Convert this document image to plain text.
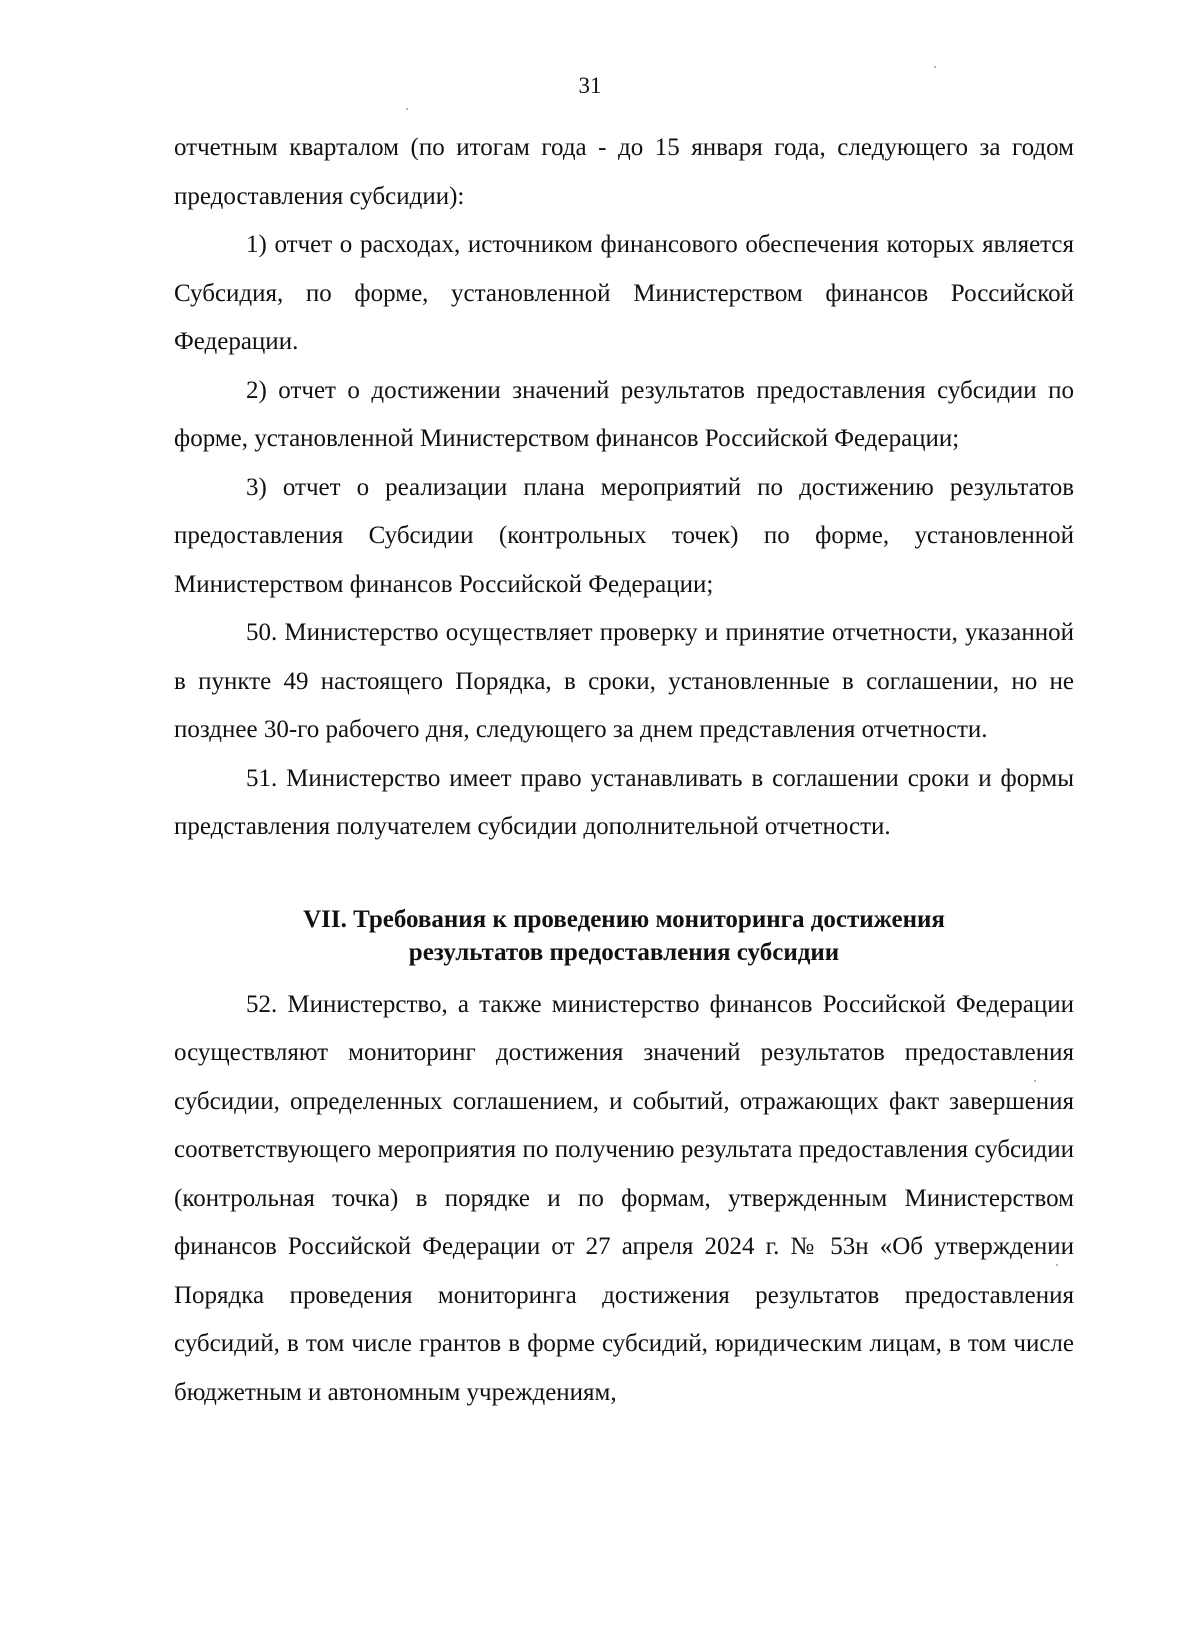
31

отчетным кварталом (по итогам года - до 15 января года, следующего за годом предоставления субсидии):

1) отчет о расходах, источником финансового обеспечения которых является Субсидия, по форме, установленной Министерством финансов Российской Федерации.

2) отчет о достижении значений результатов предоставления субсидии по форме, установленной Министерством финансов Российской Федерации;

3) отчет о реализации плана мероприятий по достижению результатов предоставления Субсидии (контрольных точек) по форме, установленной Министерством финансов Российской Федерации;

50. Министерство осуществляет проверку и принятие отчетности, указанной в пункте 49 настоящего Порядка, в сроки, установленные в соглашении, но не позднее 30-го рабочего дня, следующего за днем представления отчетности.

51. Министерство имеет право устанавливать в соглашении сроки и формы представления получателем субсидии дополнительной отчетности.

VII. Требования к проведению мониторинга достижения
результатов предоставления субсидии

52. Министерство, а также министерство финансов Российской Федерации осуществляют мониторинг достижения значений результатов предоставления субсидии, определенных соглашением, и событий, отражающих факт завершения соответствующего мероприятия по получению результата предоставления субсидии (контрольная точка) в порядке и по формам, утвержденным Министерством финансов Российской Федерации от 27 апреля 2024 г. № 53н «Об утверждении Порядка проведения мониторинга достижения результатов предоставления субсидий, в том числе грантов в форме субсидий, юридическим лицам, в том числе бюджетным и автономным учреждениям,
